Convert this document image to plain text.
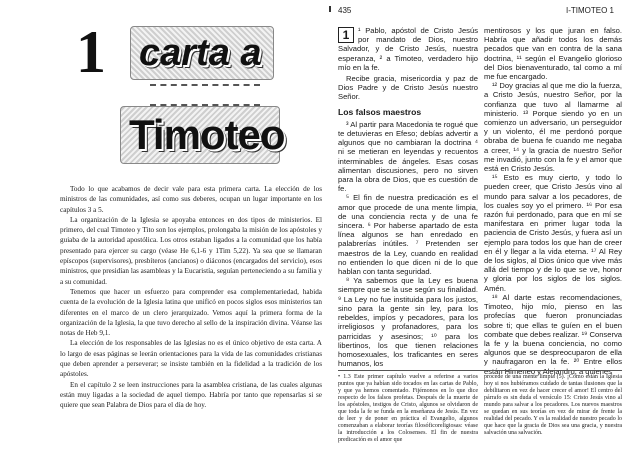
1 carta a
Timoteo

Todo lo que acabamos de decir vale para esta primera carta. La elección de los ministros de las comunidades, así como sus deberes, ocupan un lugar importante en los capítulos 3 a 5.

La organización de la Iglesia se apoyaba entonces en dos tipos de ministerios. El primero, del cual Timoteo y Tito son los ejemplos, prolongaba la misión de los apóstoles y guiaba de la autoridad apostólica. Los otros estaban ligados a la comunidad que los había presentado para ejercer su cargo (véase He 6,1-6 y 1Tim 5,22). Ya sea que se llamaran epíscopos (supervisores), presbíteros (ancianos) o diáconos (encargados del servicio), esos ministros, que presidían las asambleas y la Eucaristía, seguían perteneciendo a su familia y a su comunidad.

Tenemos que hacer un esfuerzo para comprender esa complementariedad, habida cuenta de la evolución de la Iglesia latina que unificó en pocos siglos esos ministerios tan diferentes en el marco de un clero jerarquizado. Vemos aquí la primera forma de la organización de la Iglesia, la que tuvo derecho al sello de la inspiración divina. Véanse las notas de Heb 9,1.

La elección de los responsables de las Iglesias no es el único objetivo de esta carta. A lo largo de esas páginas se leerán orientaciones para la vida de las comunidades cristianas que deben aprender a perseverar; se insiste también en la fidelidad a la tradición de los apóstoles.

En el capítulo 2 se leen instrucciones para la asamblea cristiana, de las cuales algunas están muy ligadas a la sociedad de aquel tiempo. Habría por tanto que repensarlas si se quiere que sean Palabra de Dios para el día de hoy.

435	I-TIMOTEO 1

1	¹ Pablo, apóstol de Cristo Jesús por mandato de Dios, nuestro Salvador, y de Cristo Jesús, nuestra esperanza, ² a Timoteo, verdadero hijo mío en la fe.

Recibe gracia, misericordia y paz de Dios Padre y de Cristo Jesús nuestro Señor.

Los falsos maestros

³ Al partir para Macedonia te rogué que te detuvieras en Efeso; debías advertir a algunos que no cambiaran la doctrina ⁴ ni se metieran en leyendas y recuentos interminables de ángeles. Esas cosas alimentan discusiones, pero no sirven para la obra de Dios, que es cuestión de fe.

⁵ El fin de nuestra predicación es el amor que procede de una mente limpia, de una conciencia recta y de una fe sincera. ⁶ Por haberse apartado de esta línea algunos se han enredado en palabrerías inútiles. ⁷ Pretenden ser maestros de la Ley, cuando en realidad no entienden lo que dicen ni de lo que hablan con tanta seguridad.

⁸ Ya sabemos que la Ley es buena siempre que se la use según su finalidad. ⁹ La Ley no fue instituida para los justos, sino para la gente sin ley, para los rebeldes, impíos y pecadores, para los irreligiosos y profanadores, para los parricidas y asesinos; ¹⁰ para los libertinos, los que tienen relaciones homosexuales, los traficantes en seres humanos, los

mentirosos y los que juran en falso. Habría que añadir todos los demás pecados que van en contra de la sana doctrina, ¹¹ según el Evangelio glorioso del Dios bienaventurado, tal como a mí me fue encargado.

¹² Doy gracias al que me dio la fuerza, a Cristo Jesús, nuestro Señor, por la confianza que tuvo al llamarme al ministerio. ¹³ Porque siendo yo en un comienzo un adversario, un perseguidor y un violento, él me perdonó porque obraba de buena fe cuando me negaba a creer, ¹⁴ y la gracia de nuestro Señor me invadió, junto con la fe y el amor que está en Cristo Jesús.

¹⁵ Esto es muy cierto, y todo lo pueden creer, que Cristo Jesús vino al mundo para salvar a los pecadores, de los cuales soy yo el primero. ¹⁶ Por esa razón fui perdonado, para que en mí se manifestara en primer lugar toda la paciencia de Cristo Jesús, y fuera así un ejemplo para todos los que han de creer en él y llegar a la vida eterna. ¹⁷ Al Rey de los siglos, al Dios único que vive más allá del tiempo y de lo que se ve, honor y gloria por los siglos de los siglos. Amén.

¹⁸ Al darte estas recomendaciones, Timoteo, hijo mío, pienso en las profecías que fueron pronunciadas sobre ti; que ellas te guíen en el buen combate que debes realizar. ¹⁹ Conserva la fe y la buena conciencia, no como algunos que se despreocuparon de ella y naufragaron en la fe. ²⁰ Entre ellos están Himeneo y Alejandro, a quienes

• 1.3 Este primer capítulo vuelve a referirse a varios puntos que ya habían sido tocados en las cartas de Pablo, y que ya hemos comentado. Fijémonos en lo que dice respecto de los falsos profetas. Después de la muerte de los apóstoles, testigos de Cristo, algunos se olvidaron de que toda la fe se funda en la enseñanza de Jesús. En vez de leer y de poner en práctica el Evangelio, algunos comenzaban a elaborar teorías filosóficoreligiosas: véase la introducción a los Colosenses. El fin de nuestra predicación es el amor que

procede de una mente limpia (5). ¡Cómo están la Iglesia hoy si nos hubiéramos cuidado de tantas ilusiones que la debilitaron en vez de hacer crecer el amor! El centro del párrafo es sin duda el versículo 15: Cristo Jesús vino al mundo para salvar a los pecadores. Los nuevos maestros se quedan en sus teorías en vez de mirar de frente la realidad del pecado. Y es la realidad de nuestro pecado lo que hace que la gracia de Dios sea una gracia, y nuestra salvación una salvación.
